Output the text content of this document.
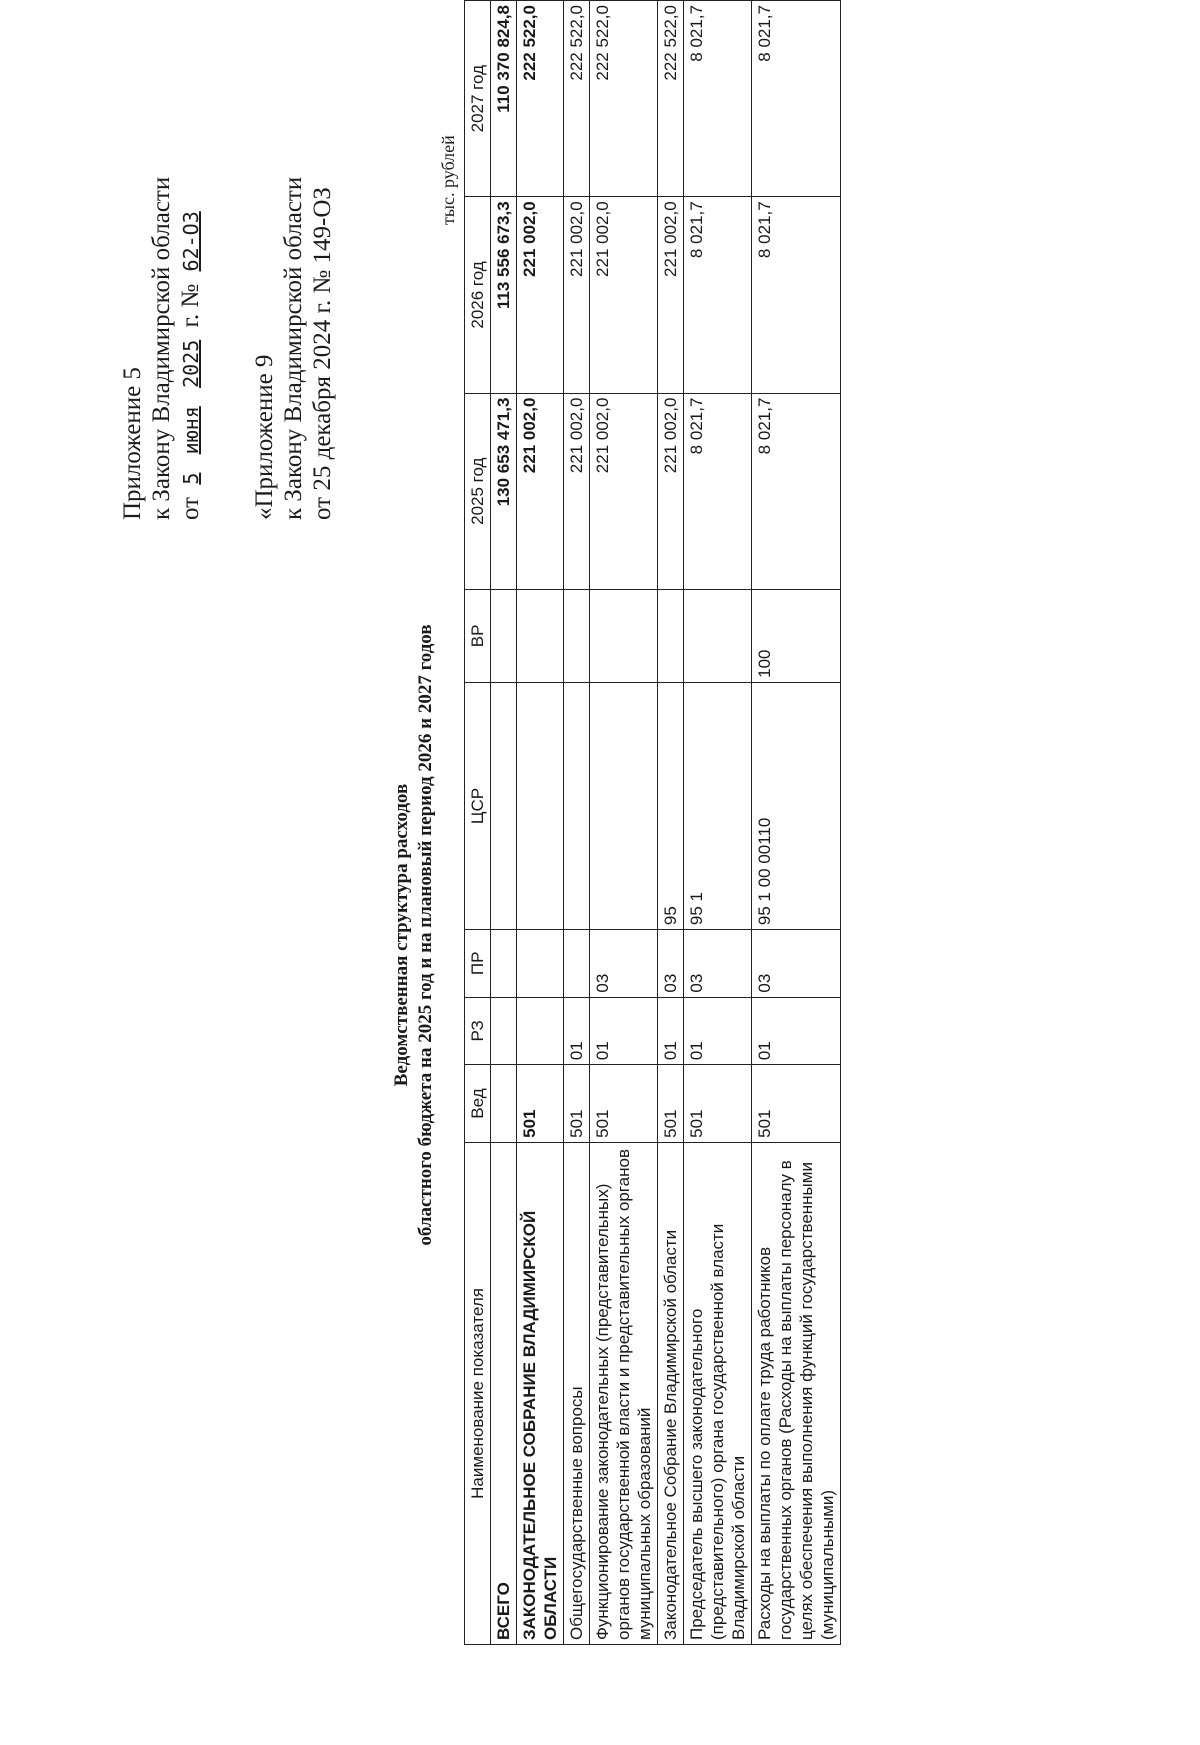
Приложение 5 к Закону Владимирской области от 5 июня 2025 г. № 62-ОЗ
«Приложение 9 к Закону Владимирской области от 25 декабря 2024 г. № 149-ОЗ
Ведомственная структура расходов областного бюджета на 2025 год и на плановый период 2026 и 2027 годов
тыс. рублей
Наименование показателя	Вед	РЗ	ПР	ЦСР	ВР	2025 год	2026 год	2027 год
ВСЕГО						130 653 471,3	113 556 673,3	110 370 824,8
ЗАКОНОДАТЕЛЬНОЕ СОБРАНИЕ ВЛАДИМИРСКОЙ ОБЛАСТИ	501					221 002,0	221 002,0	222 522,0
Общегосударственные вопросы	501	01				221 002,0	221 002,0	222 522,0
Функционирование законодательных (представительных) органов государственной власти и представительных органов муниципальных образований	501	01	03			221 002,0	221 002,0	222 522,0
Законодательное Собрание Владимирской области	501	01	03	95		221 002,0	221 002,0	222 522,0
Председатель высшего законодательного (представительного) органа государственной власти Владимирской области	501	01	03	95 1		8 021,7	8 021,7	8 021,7
Расходы на выплаты по оплате труда работников государственных органов (Расходы на выплаты персоналу в целях обеспечения выполнения функций государственными (муниципальными)	501	01	03	95 1 00 00110	100	8 021,7	8 021,7	8 021,7
